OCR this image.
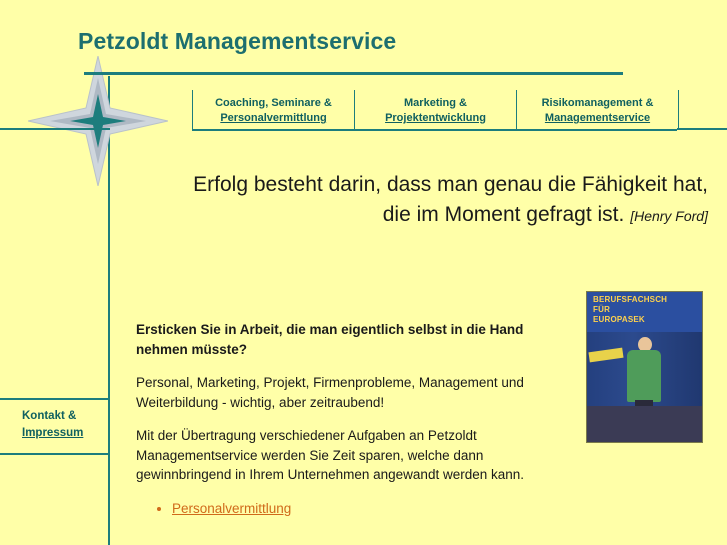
Kontakt & Impressum
Petzoldt Managementservice
Coaching, Seminare &
Personalvermittlung
Marketing &
Projektentwicklung
Risikomanagement &
Managementservice
Erfolg besteht darin, dass man genau die Fähigkeit hat,
die im Moment gefragt ist. [Henry Ford]

Ersticken Sie in Arbeit, die man eigentlich selbst in die Hand nehmen müsste?

Personal, Marketing, Projekt, Firmenprobleme, Management und Weiterbildung - wichtig, aber zeitraubend!

Mit der Übertragung verschiedener Aufgaben an Petzoldt Managementservice werden Sie Zeit sparen, welche dann gewinnbringend in Ihrem Unternehmen angewandt werden kann.

• Personalvermittlung
BERUFSFACHSCH
FÜR
EUROPASEK
